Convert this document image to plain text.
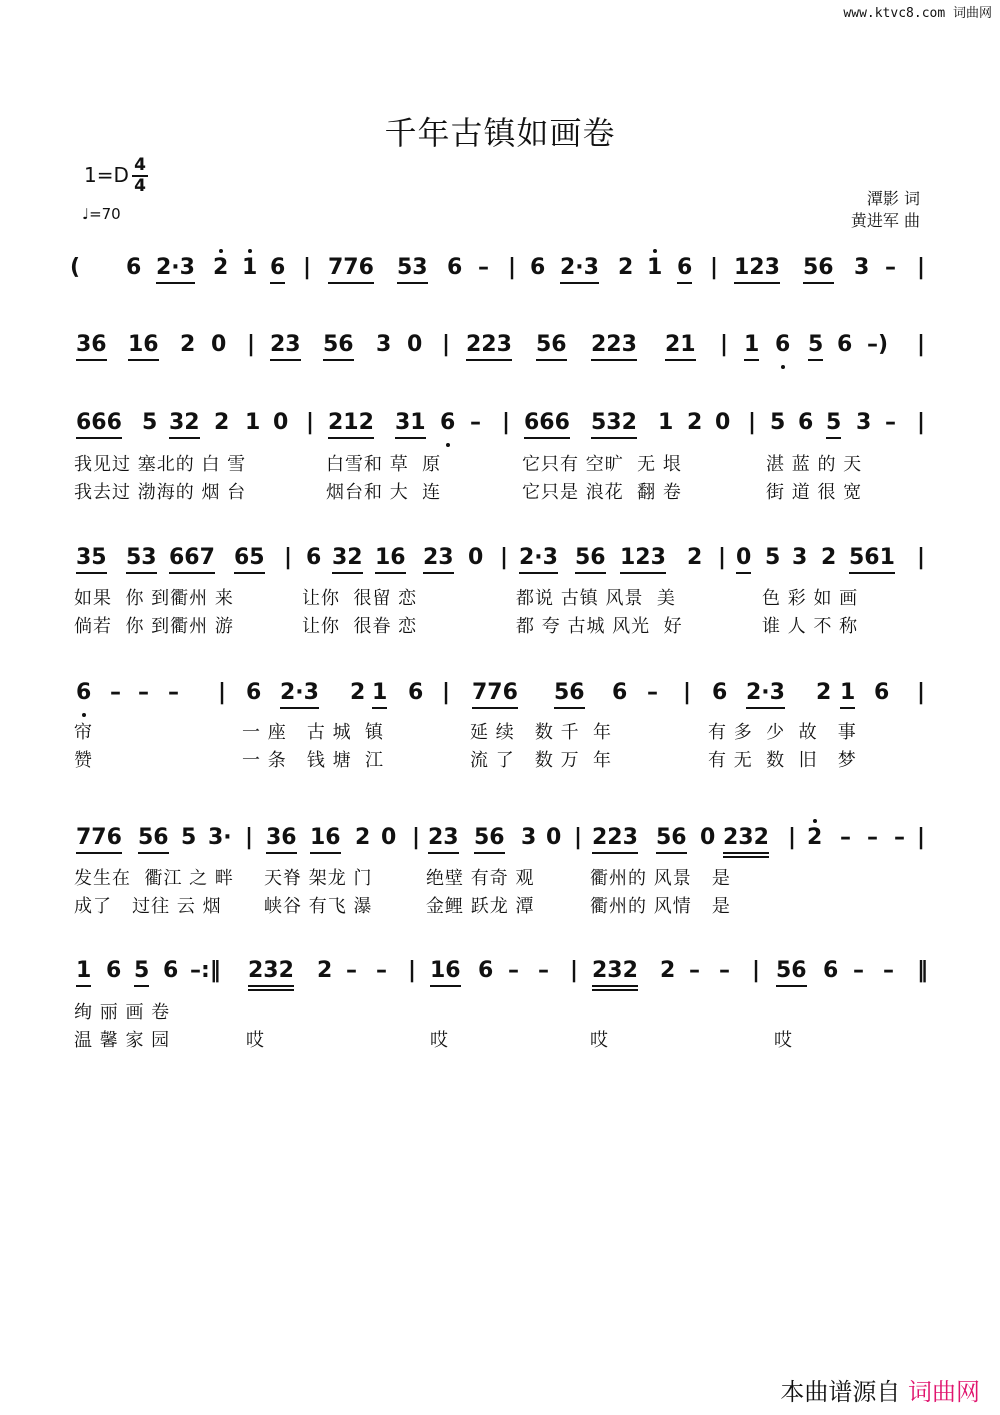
www.ktvc8.com 词曲网
千年古镇如画卷
1=D 4
4
♩=70
潭影 词
黄进军 曲
( 6 2·3 2 1 6 | 776 53 6 – | 6 2·3 2 1 6 | 123 56 3 – |
36 16 2 0 | 23 56 3 0 | 223 56 223 21 | 1 6 5 6 –) |
666 5 32 2 1 0 | 212 31 6 – | 666 532 1 2 0 | 5 6 5 3 – |
35 53 667 65 | 6 32 16 23 0 | 2·3 56 123 2 | 0 5 3 2 561 |
6 – – – | 6 2·3 2 1 6 | 776 56 6 – | 6 2·3 2 1 6 |
776 56 5 3· | 36 16 2 0 | 23 56 3 0 | 223 56 0 232 | 2 – – – |
1 6 5 6 –:‖ 232 2 – – | 16 6 – – | 232 2 – – | 56 6 – – ‖
我见过 塞北的 白 雪	白雪和 草  原	它只有 空旷  无 垠	湛 蓝 的 天
我去过 渤海的 烟 台	烟台和 大  连	它只是 浪花  翻 卷	街 道 很 宽
如果  你 到衢州 来	让你  很留 恋	都说 古镇 风景  美	色 彩 如 画
倘若  你 到衢州 游	让你  很眷 恋	都 夸 古城 风光  好	谁 人 不 称
帘	一 座   古 城  镇	延 续   数 千  年	有 多  少  故   事
赞	一 条   钱 塘  江	流 了   数 万  年	有 无  数  旧   梦
发生在  衢江 之 畔 天脊 架龙 门	绝壁 有奇 观	衢州的 风景   是
成了   过往 云 烟 峡谷 有飞 瀑	金鲤 跃龙 潭	衢州的 风情   是
绚 丽 画 卷
温 馨 家 园	哎	哎	哎	哎
本曲谱源自 词曲网
